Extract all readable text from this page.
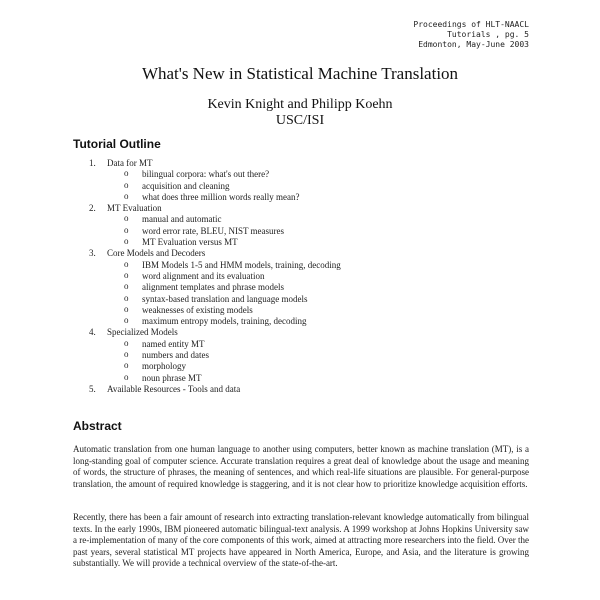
Proceedings of HLT-NAACL
Tutorials , pg. 5
Edmonton, May-June 2003
What's New in Statistical Machine Translation
Kevin Knight and Philipp Koehn
USC/ISI
Tutorial Outline
1. Data for MT
o bilingual corpora: what's out there?
o acquisition and cleaning
o what does three million words really mean?
2. MT Evaluation
o manual and automatic
o word error rate, BLEU, NIST measures
o MT Evaluation versus MT
3. Core Models and Decoders
o IBM Models 1-5 and HMM models, training, decoding
o word alignment and its evaluation
o alignment templates and phrase models
o syntax-based translation and language models
o weaknesses of existing models
o maximum entropy models, training, decoding
4. Specialized Models
o named entity MT
o numbers and dates
o morphology
o noun phrase MT
5. Available Resources - Tools and data
Abstract

Automatic translation from one human language to another using computers, better known as machine translation (MT), is a long-standing goal of computer science. Accurate translation requires a great deal of knowledge about the usage and meaning of words, the structure of phrases, the meaning of sentences, and which real-life situations are plausible. For general-purpose translation, the amount of required knowledge is staggering, and it is not clear how to prioritize knowledge acquisition efforts.

Recently, there has been a fair amount of research into extracting translation-relevant knowledge automatically from bilingual texts. In the early 1990s, IBM pioneered automatic bilingual-text analysis. A 1999 workshop at Johns Hopkins University saw a re-implementation of many of the core components of this work, aimed at attracting more researchers into the field. Over the past years, several statistical MT projects have appeared in North America, Europe, and Asia, and the literature is growing substantially. We will provide a technical overview of the state-of-the-art.
